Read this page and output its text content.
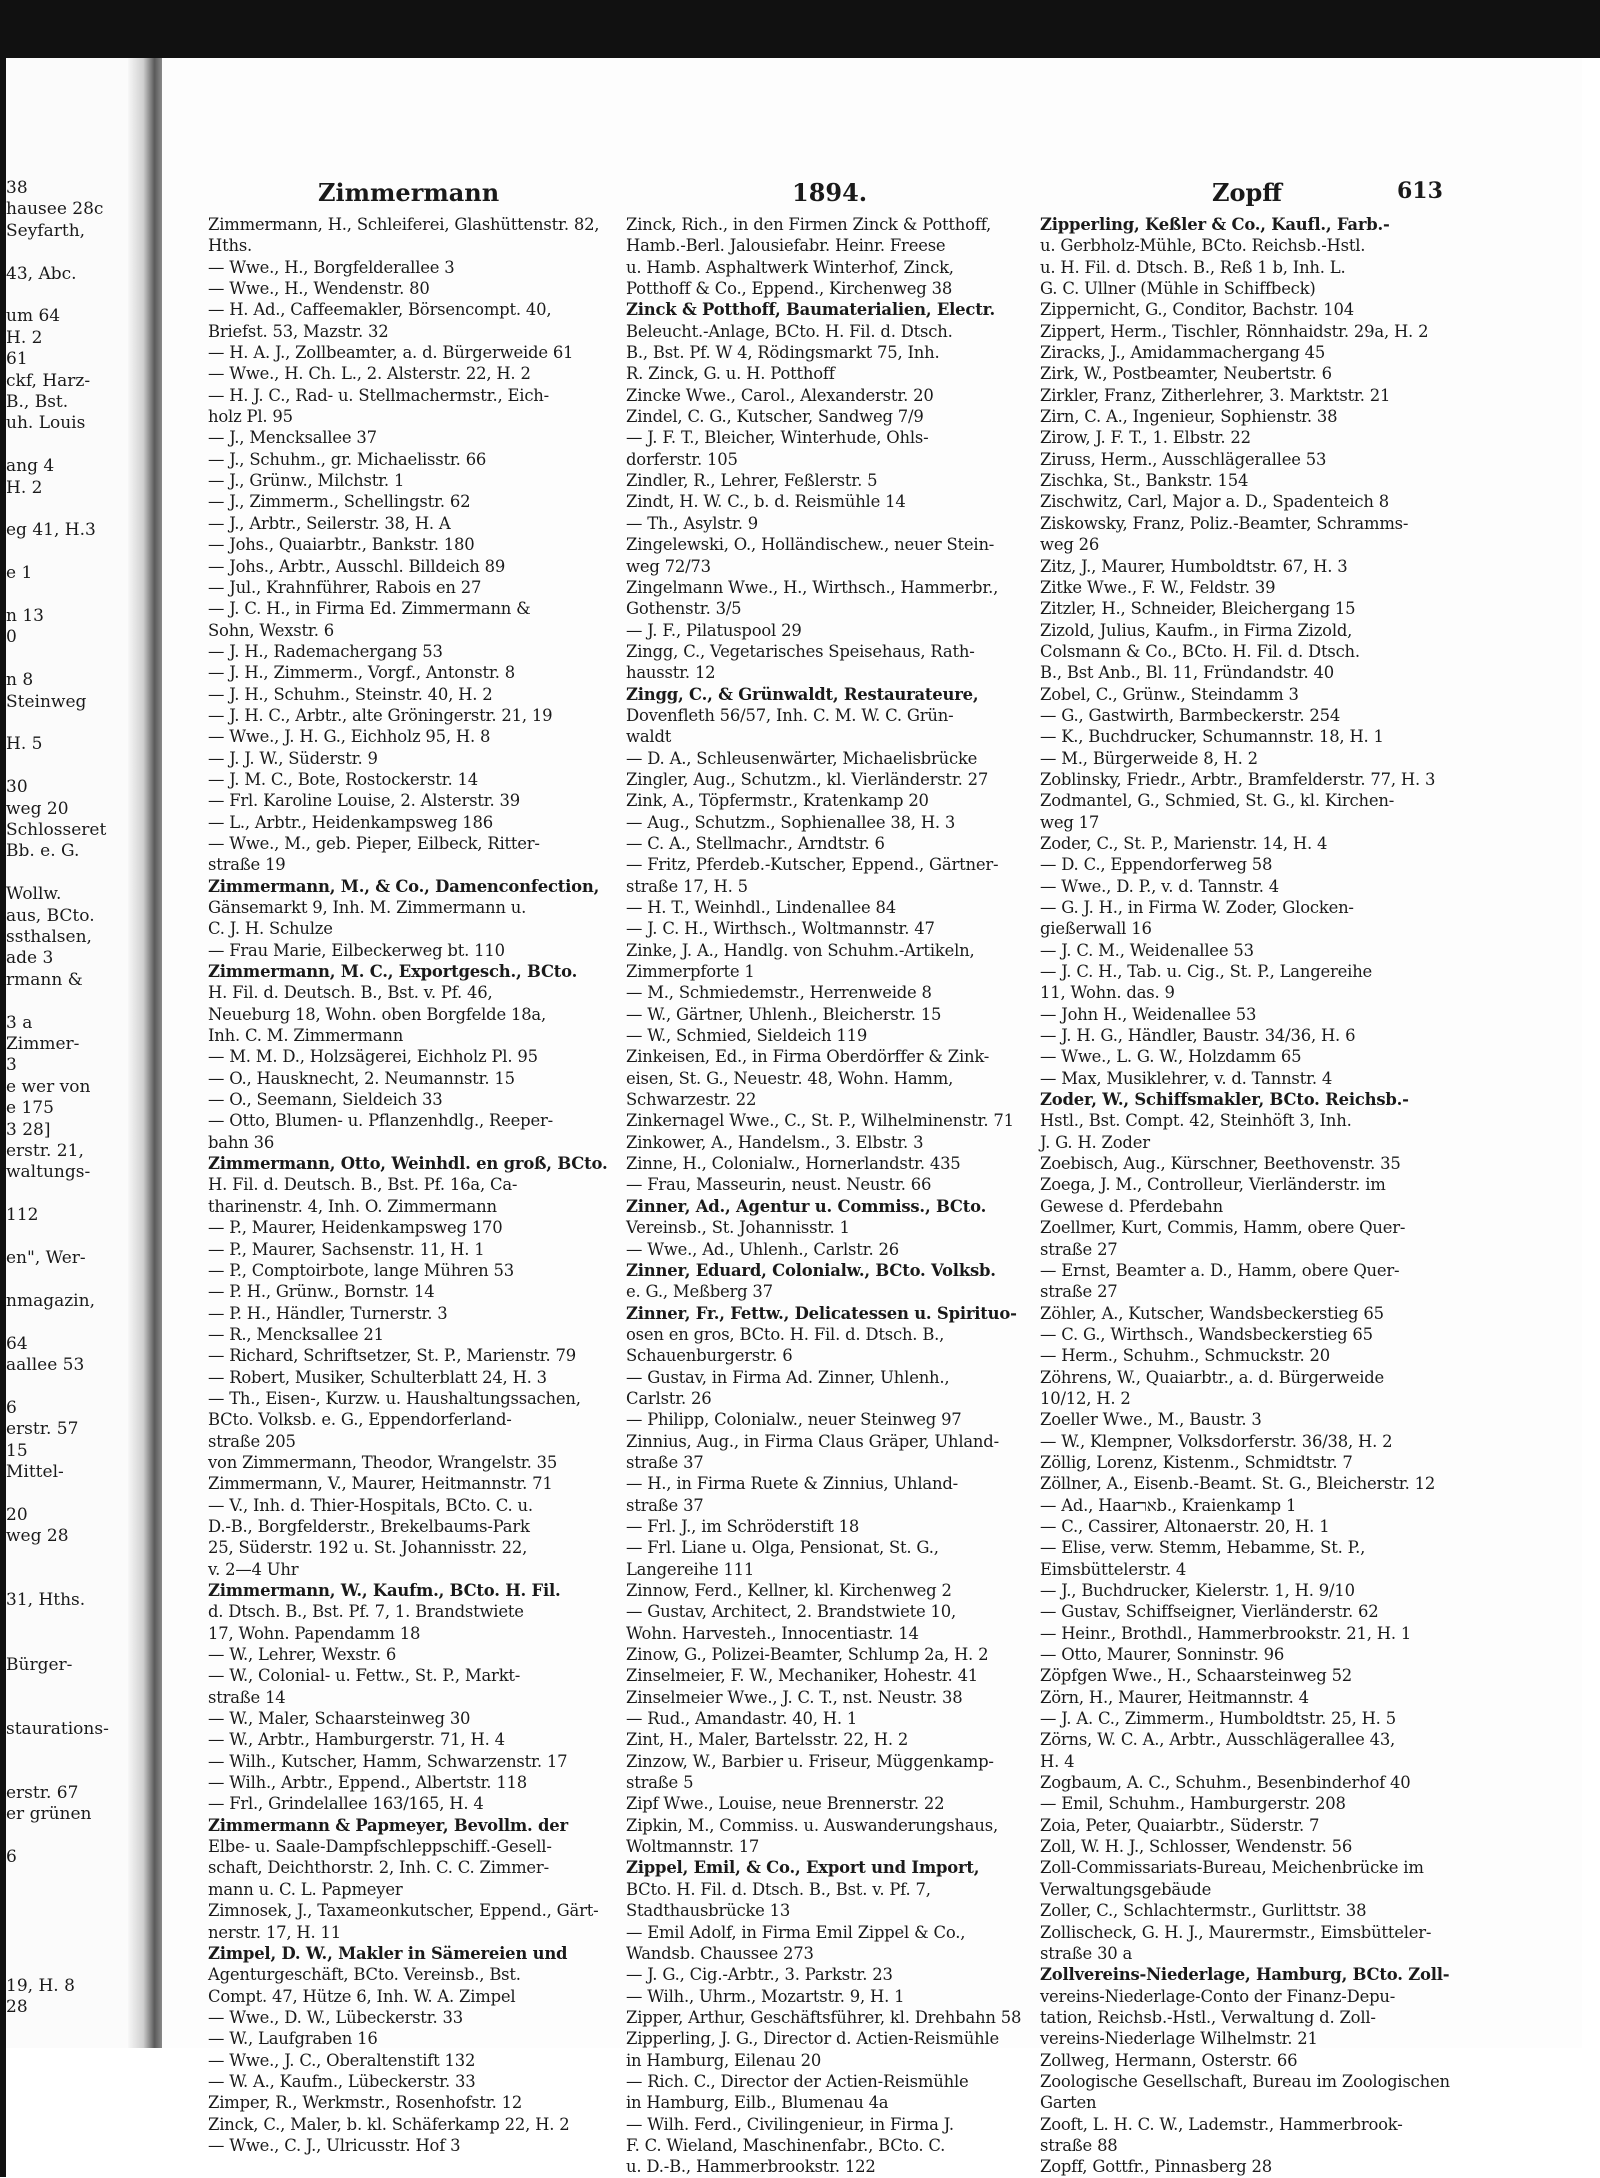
38
hausee 28c
Seyfarth,
43, Abc.
um 64
H. 2
61
ckf, Harz-
B., Bst.
uh. Louis
ang 4
H. 2
eg 41, H.3
e 1
n 13
0
n 8
Steinweg
H. 5
30
weg 20
Schlosseret
Bb. e. G.
Wollw.
aus, BCto.
ssthalsen,
ade 3
rmann &
3 a
Zimmer-
3
e wer von
e 175
3 28]
erstr. 21,
waltungs-
112
en", Wer-
nmagazin,
64
aallee 53
6
erstr. 57
15
Mittel-
20
weg 28
31, Hths.
Bürger-
staurations-
erstr. 67
er grünen
6
19, H. 8
28
Zimmermann	1894.	Zopff	613
Zimmermann, H., Schleiferei, Glashüttenstr. 82,
Hths.
— Wwe., H., Borgfelderallee 3
— Wwe., H., Wendenstr. 80
— H. Ad., Caffeemakler, Börsencompt. 40,
Briefst. 53, Mazstr. 32
— H. A. J., Zollbeamter, a. d. Bürgerweide 61
— Wwe., H. Ch. L., 2. Alsterstr. 22, H. 2
— H. J. C., Rad- u. Stellmachermstr., Eich-
holz Pl. 95
— J., Mencksallee 37
— J., Schuhm., gr. Michaelisstr. 66
— J., Grünw., Milchstr. 1
— J., Zimmerm., Schellingstr. 62
— J., Arbtr., Seilerstr. 38, H. A
— Johs., Quaiarbtr., Bankstr. 180
— Johs., Arbtr., Ausschl. Billdeich 89
— Jul., Krahnführer, Rabois en 27
— J. C. H., in Firma Ed. Zimmermann &
Sohn, Wexstr. 6
— J. H., Rademachergang 53
— J. H., Zimmerm., Vorgf., Antonstr. 8
— J. H., Schuhm., Steinstr. 40, H. 2
— J. H. C., Arbtr., alte Gröningerstr. 21, 19
— Wwe., J. H. G., Eichholz 95, H. 8
— J. J. W., Süderstr. 9
— J. M. C., Bote, Rostockerstr. 14
— Frl. Karoline Louise, 2. Alsterstr. 39
— L., Arbtr., Heidenkampsweg 186
— Wwe., M., geb. Pieper, Eilbeck, Ritter-
straße 19
Zimmermann, M., & Co., Damenconfection,
Gänsemarkt 9, Inh. M. Zimmermann u.
C. J. H. Schulze
— Frau Marie, Eilbeckerweg bt. 110
Zimmermann, M. C., Exportgesch., BCto.
H. Fil. d. Deutsch. B., Bst. v. Pf. 46,
Neueburg 18, Wohn. oben Borgfelde 18a,
Inh. C. M. Zimmermann
— M. M. D., Holzsägerei, Eichholz Pl. 95
— O., Hausknecht, 2. Neumannstr. 15
— O., Seemann, Sieldeich 33
— Otto, Blumen- u. Pflanzenhdlg., Reeper-
bahn 36
Zimmermann, Otto, Weinhdl. en groß, BCto.
H. Fil. d. Deutsch. B., Bst. Pf. 16a, Ca-
tharinenstr. 4, Inh. O. Zimmermann
— P., Maurer, Heidenkampsweg 170
— P., Maurer, Sachsenstr. 11, H. 1
— P., Comptoirbote, lange Mühren 53
— P. H., Grünw., Bornstr. 14
— P. H., Händler, Turnerstr. 3
— R., Mencksallee 21
— Richard, Schriftsetzer, St. P., Marienstr. 79
— Robert, Musiker, Schulterblatt 24, H. 3
— Th., Eisen-, Kurzw. u. Haushaltungssachen,
BCto. Volksb. e. G., Eppendorferland-
straße 205
von Zimmermann, Theodor, Wrangelstr. 35
Zimmermann, V., Maurer, Heitmannstr. 71
— V., Inh. d. Thier-Hospitals, BCto. C. u.
D.-B., Borgfelderstr., Brekelbaums-Park
25, Süderstr. 192 u. St. Johannisstr. 22,
v. 2—4 Uhr
Zimmermann, W., Kaufm., BCto. H. Fil.
d. Dtsch. B., Bst. Pf. 7, 1. Brandstwiete
17, Wohn. Papendamm 18
— W., Lehrer, Wexstr. 6
— W., Colonial- u. Fettw., St. P., Markt-
straße 14
— W., Maler, Schaarsteinweg 30
— W., Arbtr., Hamburgerstr. 71, H. 4
— Wilh., Kutscher, Hamm, Schwarzenstr. 17
— Wilh., Arbtr., Eppend., Albertstr. 118
— Frl., Grindelallee 163/165, H. 4
Zimmermann & Papmeyer, Bevollm. der
Elbe- u. Saale-Dampfschleppschiff.-Gesell-
schaft, Deichthorstr. 2, Inh. C. C. Zimmer-
mann u. C. L. Papmeyer
Zimnosek, J., Taxameonkutscher, Eppend., Gärt-
nerstr. 17, H. 11
Zimpel, D. W., Makler in Sämereien und
Agenturgeschäft, BCto. Vereinsb., Bst.
Compt. 47, Hütze 6, Inh. W. A. Zimpel
— Wwe., D. W., Lübeckerstr. 33
— W., Laufgraben 16
— Wwe., J. C., Oberaltenstift 132
— W. A., Kaufm., Lübeckerstr. 33
Zimper, R., Werkmstr., Rosenhofstr. 12
Zinck, C., Maler, b. kl. Schäferkamp 22, H. 2
— Wwe., C. J., Ulricusstr. Hof 3
Zinck, Rich., in den Firmen Zinck & Potthoff,
Hamb.-Berl. Jalousiefabr. Heinr. Freese
u. Hamb. Asphaltwerk Winterhof, Zinck,
Potthoff & Co., Eppend., Kirchenweg 38
Zinck & Potthoff, Baumaterialien, Electr.
Beleucht.-Anlage, BCto. H. Fil. d. Dtsch.
B., Bst. Pf. W 4, Rödingsmarkt 75, Inh.
R. Zinck, G. u. H. Potthoff
Zincke Wwe., Carol., Alexanderstr. 20
Zindel, C. G., Kutscher, Sandweg 7/9
— J. F. T., Bleicher, Winterhude, Ohls-
dorferstr. 105
Zindler, R., Lehrer, Feßlerstr. 5
Zindt, H. W. C., b. d. Reismühle 14
— Th., Asylstr. 9
Zingelewski, O., Holländischew., neuer Stein-
weg 72/73
Zingelmann Wwe., H., Wirthsch., Hammerbr.,
Gothenstr. 3/5
— J. F., Pilatuspool 29
Zingg, C., Vegetarisches Speisehaus, Rath-
hausstr. 12
Zingg, C., & Grünwaldt, Restaurateure,
Dovenfleth 56/57, Inh. C. M. W. C. Grün-
waldt
— D. A., Schleusenwärter, Michaelisbrücke
Zingler, Aug., Schutzm., kl. Vierländerstr. 27
Zink, A., Töpfermstr., Kratenkamp 20
— Aug., Schutzm., Sophienallee 38, H. 3
— C. A., Stellmachr., Arndtstr. 6
— Fritz, Pferdeb.-Kutscher, Eppend., Gärtner-
straße 17, H. 5
— H. T., Weinhdl., Lindenallee 84
— J. C. H., Wirthsch., Woltmannstr. 47
Zinke, J. A., Handlg. von Schuhm.-Artikeln,
Zimmerpforte 1
— M., Schmiedemstr., Herrenweide 8
— W., Gärtner, Uhlenh., Bleicherstr. 15
— W., Schmied, Sieldeich 119
Zinkeisen, Ed., in Firma Oberdörffer & Zink-
eisen, St. G., Neuestr. 48, Wohn. Hamm,
Schwarzestr. 22
Zinkernagel Wwe., C., St. P., Wilhelminenstr. 71
Zinkower, A., Handelsm., 3. Elbstr. 3
Zinne, H., Colonialw., Hornerlandstr. 435
— Frau, Masseurin, neust. Neustr. 66
Zinner, Ad., Agentur u. Commiss., BCto.
Vereinsb., St. Johannisstr. 1
— Wwe., Ad., Uhlenh., Carlstr. 26
Zinner, Eduard, Colonialw., BCto. Volksb.
e. G., Meßberg 37
Zinner, Fr., Fettw., Delicatessen u. Spirituo-
osen en gros, BCto. H. Fil. d. Dtsch. B.,
Schauenburgerstr. 6
— Gustav, in Firma Ad. Zinner, Uhlenh.,
Carlstr. 26
— Philipp, Colonialw., neuer Steinweg 97
Zinnius, Aug., in Firma Claus Gräper, Uhland-
straße 37
— H., in Firma Ruete & Zinnius, Uhland-
straße 37
— Frl. J., im Schröderstift 18
— Frl. Liane u. Olga, Pensionat, St. G.,
Langereihe 111
Zinnow, Ferd., Kellner, kl. Kirchenweg 2
— Gustav, Architect, 2. Brandstwiete 10,
Wohn. Harvestеh., Innocentiastr. 14
Zinow, G., Polizei-Beamter, Schlump 2a, H. 2
Zinselmeier, F. W., Mechaniker, Hohestr. 41
Zinselmeier Wwe., J. C. T., nst. Neustr. 38
— Rud., Amandastr. 40, H. 1
Zint, H., Maler, Bartelsstr. 22, H. 2
Zinzow, W., Barbier u. Friseur, Müggenkamp-
straße 5
Zipf Wwe., Louise, neue Brennerstr. 22
Zipkin, M., Commiss. u. Auswanderungshaus,
Woltmannstr. 17
Zippel, Emil, & Co., Export und Import,
BCto. H. Fil. d. Dtsch. B., Bst. v. Pf. 7,
Stadthausbrücke 13
— Emil Adolf, in Firma Emil Zippel & Co.,
Wandsb. Chaussee 273
— J. G., Cig.-Arbtr., 3. Parkstr. 23
— Wilh., Uhrm., Mozartstr. 9, H. 1
Zipper, Arthur, Geschäftsführer, kl. Drehbahn 58
Zipperling, J. G., Director d. Actien-Reismühle
in Hamburg, Eilenau 20
— Rich. C., Director der Actien-Reismühle
in Hamburg, Eilb., Blumenau 4a
— Wilh. Ferd., Civilingenieur, in Firma J.
F. C. Wieland, Maschinenfabr., BCto. C.
u. D.-B., Hammerbrookstr. 122
Zipperling, Keßler & Co., Kaufl., Farb.-
u. Gerbholz-Mühle, BCto. Reichsb.-Hstl.
u. H. Fil. d. Dtsch. B., Reß 1 b, Inh. L.
G. C. Ullner (Mühle in Schiffbeck)
Zippernicht, G., Conditor, Bachstr. 104
Zippert, Herm., Tischler, Rönnhaidstr. 29a, H. 2
Ziracks, J., Amidammachergang 45
Zirk, W., Postbeamter, Neubertstr. 6
Zirkler, Franz, Zitherlehrer, 3. Marktstr. 21
Zirn, C. A., Ingenieur, Sophienstr. 38
Zirow, J. F. T., 1. Elbstr. 22
Ziruss, Herm., Ausschlägerallee 53
Zischka, St., Bankstr. 154
Zischwitz, Carl, Major a. D., Spadenteich 8
Ziskowsky, Franz, Poliz.-Beamter, Schramms-
weg 26
Zitz, J., Maurer, Humboldtstr. 67, H. 3
Zitke Wwe., F. W., Feldstr. 39
Zitzler, H., Schneider, Bleichergang 15
Zizold, Julius, Kaufm., in Firma Zizold,
Colsmann & Co., BCto. H. Fil. d. Dtsch.
B., Bst Anb., Bl. 11, Fründandstr. 40
Zobel, C., Grünw., Steindamm 3
— G., Gastwirth, Barmbeckerstr. 254
— K., Buchdrucker, Schumannstr. 18, H. 1
— M., Bürgerweide 8, H. 2
Zoblinsky, Friedr., Arbtr., Bramfelderstr. 77, H. 3
Zodmantel, G., Schmied, St. G., kl. Kirchen-
weg 17
Zoder, C., St. P., Marienstr. 14, H. 4
— D. C., Eppendorferweg 58
— Wwe., D. P., v. d. Tannstr. 4
— G. J. H., in Firma W. Zoder, Glocken-
gießerwall 16
— J. C. M., Weidenallee 53
— J. C. H., Tab. u. Cig., St. P., Langereihe
11, Wohn. das. 9
— John H., Weidenallee 53
— J. H. G., Händler, Baustr. 34/36, H. 6
— Wwe., L. G. W., Holzdamm 65
— Max, Musiklehrer, v. d. Tannstr. 4
Zoder, W., Schiffsmakler, BCto. Reichsb.-
Hstl., Bst. Compt. 42, Steinhöft 3, Inh.
J. G. H. Zoder
Zoebisch, Aug., Kürschner, Beethovenstr. 35
Zoega, J. M., Controlleur, Vierländerstr. im
Gewese d. Pferdebahn
Zoellmer, Kurt, Commis, Hamm, obere Quer-
straße 27
— Ernst, Beamter a. D., Hamm, obere Quer-
straße 27
Zöhler, A., Kutscher, Wandsbeckerstieg 65
— C. G., Wirthsch., Wandsbeckerstieg 65
— Herm., Schuhm., Schmuckstr. 20
Zöhrens, W., Quaiarbtr., a. d. Bürgerweide
10/12, H. 2
Zoeller Wwe., M., Baustr. 3
— W., Klempner, Volksdorferstr. 36/38, H. 2
Zöllig, Lorenz, Kistenm., Schmidtstr. 7
Zöllner, A., Eisenb.-Beamt. St. G., Bleicherstr. 12
— Ad., Haarארb., Kraienkamp 1
— C., Cassirer, Altonaerstr. 20, H. 1
— Elise, verw. Stemm, Hebamme, St. P.,
Eimsbüttelerstr. 4
— J., Buchdrucker, Kielerstr. 1, H. 9/10
— Gustav, Schiffseigner, Vierländerstr. 62
— Heinr., Brothdl., Hammerbrookstr. 21, H. 1
— Otto, Maurer, Sonninstr. 96
Zöpfgen Wwe., H., Schaarsteinweg 52
Zörn, H., Maurer, Heitmannstr. 4
— J. A. C., Zimmerm., Humboldtstr. 25, H. 5
Zörns, W. C. A., Arbtr., Ausschlägerallee 43,
H. 4
Zogbaum, A. C., Schuhm., Besenbinderhof 40
— Emil, Schuhm., Hamburgerstr. 208
Zoia, Peter, Quaiarbtr., Süderstr. 7
Zoll, W. H. J., Schlosser, Wendenstr. 56
Zoll-Commissariats-Bureau, Meichenbrücke im
Verwaltungsgebäude
Zoller, C., Schlachtermstr., Gurlittstr. 38
Zollischeck, G. H. J., Maurermstr., Eimsbütteler-
straße 30 a
Zollvereins-Niederlage, Hamburg, BCto. Zoll-
vereins-Niederlage-Conto der Finanz-Depu-
tation, Reichsb.-Hstl., Verwaltung d. Zoll-
vereins-Niederlage Wilhelmstr. 21
Zollweg, Hermann, Osterstr. 66
Zoologische Gesellschaft, Bureau im Zoologischen
Garten
Zooft, L. H. C. W., Lademstr., Hammerbrook-
straße 88
Zopff, Gottfr., Pinnasberg 28
